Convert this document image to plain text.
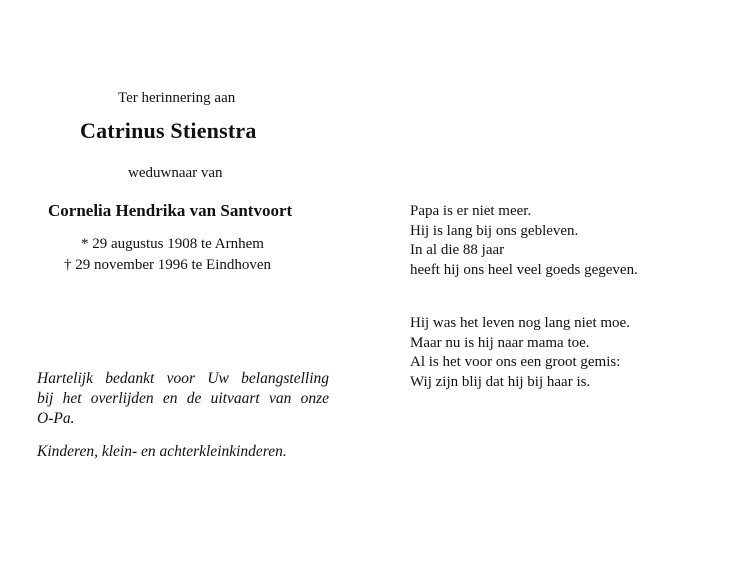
Ter herinnering aan
Catrinus Stienstra
weduwnaar van
Cornelia Hendrika van Santvoort
* 29 augustus 1908 te Arnhem
† 29 november 1996 te Eindhoven
Hartelijk bedankt voor Uw belangstelling
bij het overlijden en de uitvaart van onze
O-Pa.
Kinderen, klein- en achterkleinkinderen.
Papa is er niet meer.
Hij is lang bij ons gebleven.
In al die 88 jaar
heeft hij ons heel veel goeds gegeven.
Hij was het leven nog lang niet moe.
Maar nu is hij naar mama toe.
Al is het voor ons een groot gemis:
Wij zijn blij dat hij bij haar is.
